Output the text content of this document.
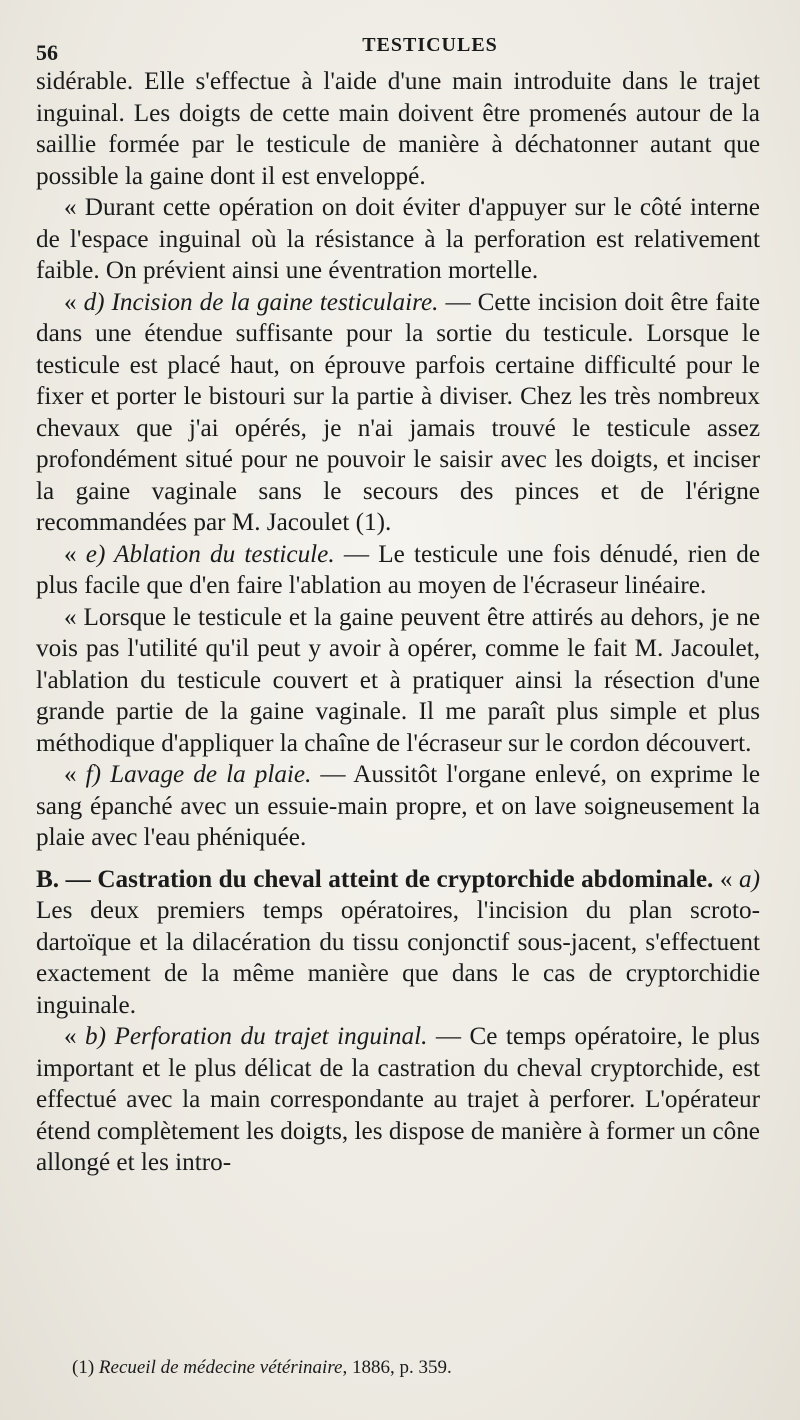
56	TESTICULES

sidérable. Elle s'effectue à l'aide d'une main introduite dans le trajet inguinal. Les doigts de cette main doivent être promenés autour de la saillie formée par le testicule de manière à déchatonner autant que possible la gaine dont il est enveloppé.

« Durant cette opération on doit éviter d'appuyer sur le côté interne de l'espace inguinal où la résistance à la perforation est relativement faible. On prévient ainsi une éventration mortelle.

« d) Incision de la gaine testiculaire. — Cette incision doit être faite dans une étendue suffisante pour la sortie du testicule. Lorsque le testicule est placé haut, on éprouve parfois certaine difficulté pour le fixer et porter le bistouri sur la partie à diviser. Chez les très nombreux chevaux que j'ai opérés, je n'ai jamais trouvé le testicule assez profondément situé pour ne pouvoir le saisir avec les doigts, et inciser la gaine vaginale sans le secours des pinces et de l'érigne recommandées par M. Jacoulet (1).

« e) Ablation du testicule. — Le testicule une fois dénudé, rien de plus facile que d'en faire l'ablation au moyen de l'écraseur linéaire.

« Lorsque le testicule et la gaine peuvent être attirés au dehors, je ne vois pas l'utilité qu'il peut y avoir à opérer, comme le fait M. Jacoulet, l'ablation du testicule couvert et à pratiquer ainsi la résection d'une grande partie de la gaine vaginale. Il me paraît plus simple et plus méthodique d'appliquer la chaîne de l'écraseur sur le cordon découvert.

« f) Lavage de la plaie. — Aussitôt l'organe enlevé, on exprime le sang épanché avec un essuie-main propre, et on lave soigneusement la plaie avec l'eau phéniquée.

B. — Castration du cheval atteint de cryptorchide abdominale. « a) Les deux premiers temps opératoires, l'incision du plan scroto-dartoïque et la dilacération du tissu conjonctif sous-jacent, s'effectuent exactement de la même manière que dans le cas de cryptorchidie inguinale.

« b) Perforation du trajet inguinal. — Ce temps opératoire, le plus important et le plus délicat de la castration du cheval cryptorchide, est effectué avec la main correspondante au trajet à perforer. L'opérateur étend complètement les doigts, les dispose de manière à former un cône allongé et les intro-

(1) Recueil de médecine vétérinaire, 1886, p. 359.
